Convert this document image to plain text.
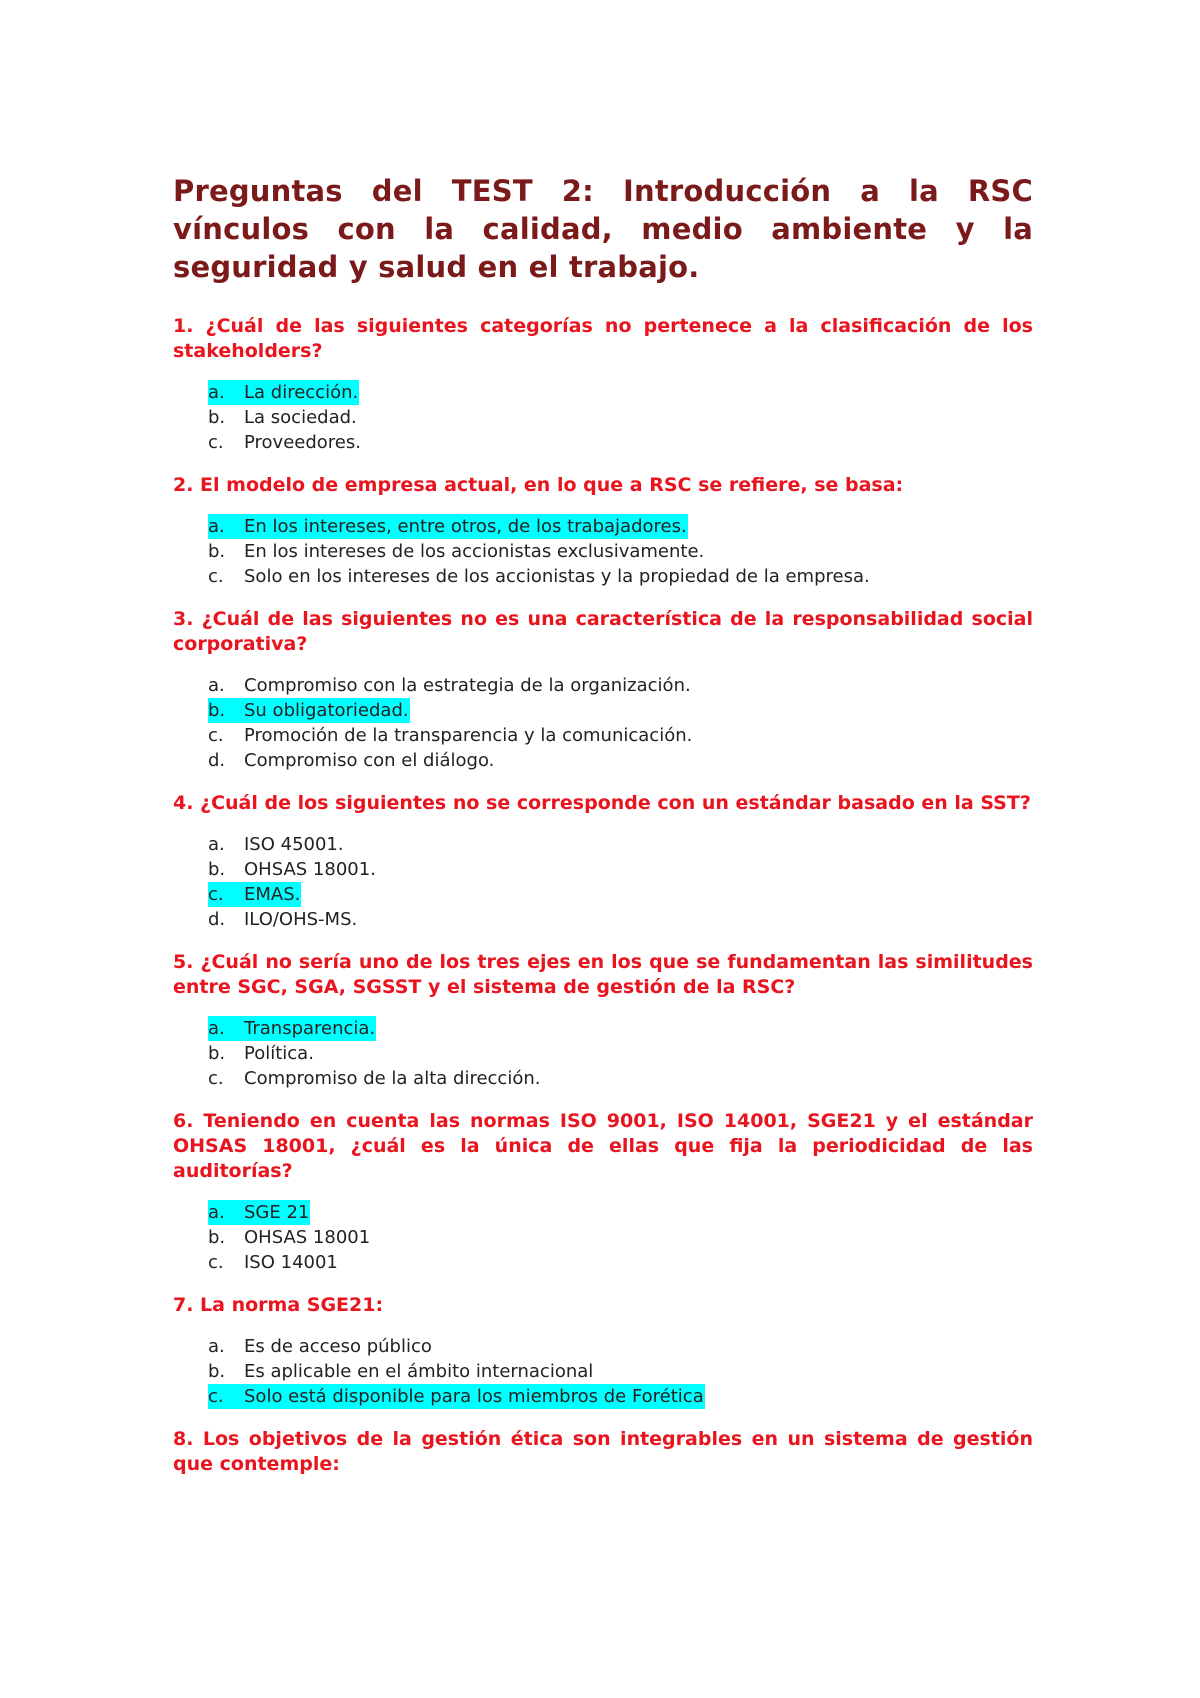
Preguntas del TEST 2: Introducción a la RSC vínculos con la calidad, medio ambiente y la seguridad y salud en el trabajo.
1. ¿Cuál de las siguientes categorías no pertenece a la clasificación de los stakeholders?
a. La dirección.
b. La sociedad.
c. Proveedores.
2. El modelo de empresa actual, en lo que a RSC se refiere, se basa:
a. En los intereses, entre otros, de los trabajadores.
b. En los intereses de los accionistas exclusivamente.
c. Solo en los intereses de los accionistas y la propiedad de la empresa.
3. ¿Cuál de las siguientes no es una característica de la responsabilidad social corporativa?
a. Compromiso con la estrategia de la organización.
b. Su obligatoriedad.
c. Promoción de la transparencia y la comunicación.
d. Compromiso con el diálogo.
4. ¿Cuál de los siguientes no se corresponde con un estándar basado en la SST?
a. ISO 45001.
b. OHSAS 18001.
c. EMAS.
d. ILO/OHS-MS.
5. ¿Cuál no sería uno de los tres ejes en los que se fundamentan las similitudes entre SGC, SGA, SGSST y el sistema de gestión de la RSC?
a. Transparencia.
b. Política.
c. Compromiso de la alta dirección.
6. Teniendo en cuenta las normas ISO 9001, ISO 14001, SGE21 y el estándar OHSAS 18001, ¿cuál es la única de ellas que fija la periodicidad de las auditorías?
a. SGE 21
b. OHSAS 18001
c. ISO 14001
7. La norma SGE21:
a. Es de acceso público
b. Es aplicable en el ámbito internacional
c. Solo está disponible para los miembros de Forética
8. Los objetivos de la gestión ética son integrables en un sistema de gestión que contemple:
